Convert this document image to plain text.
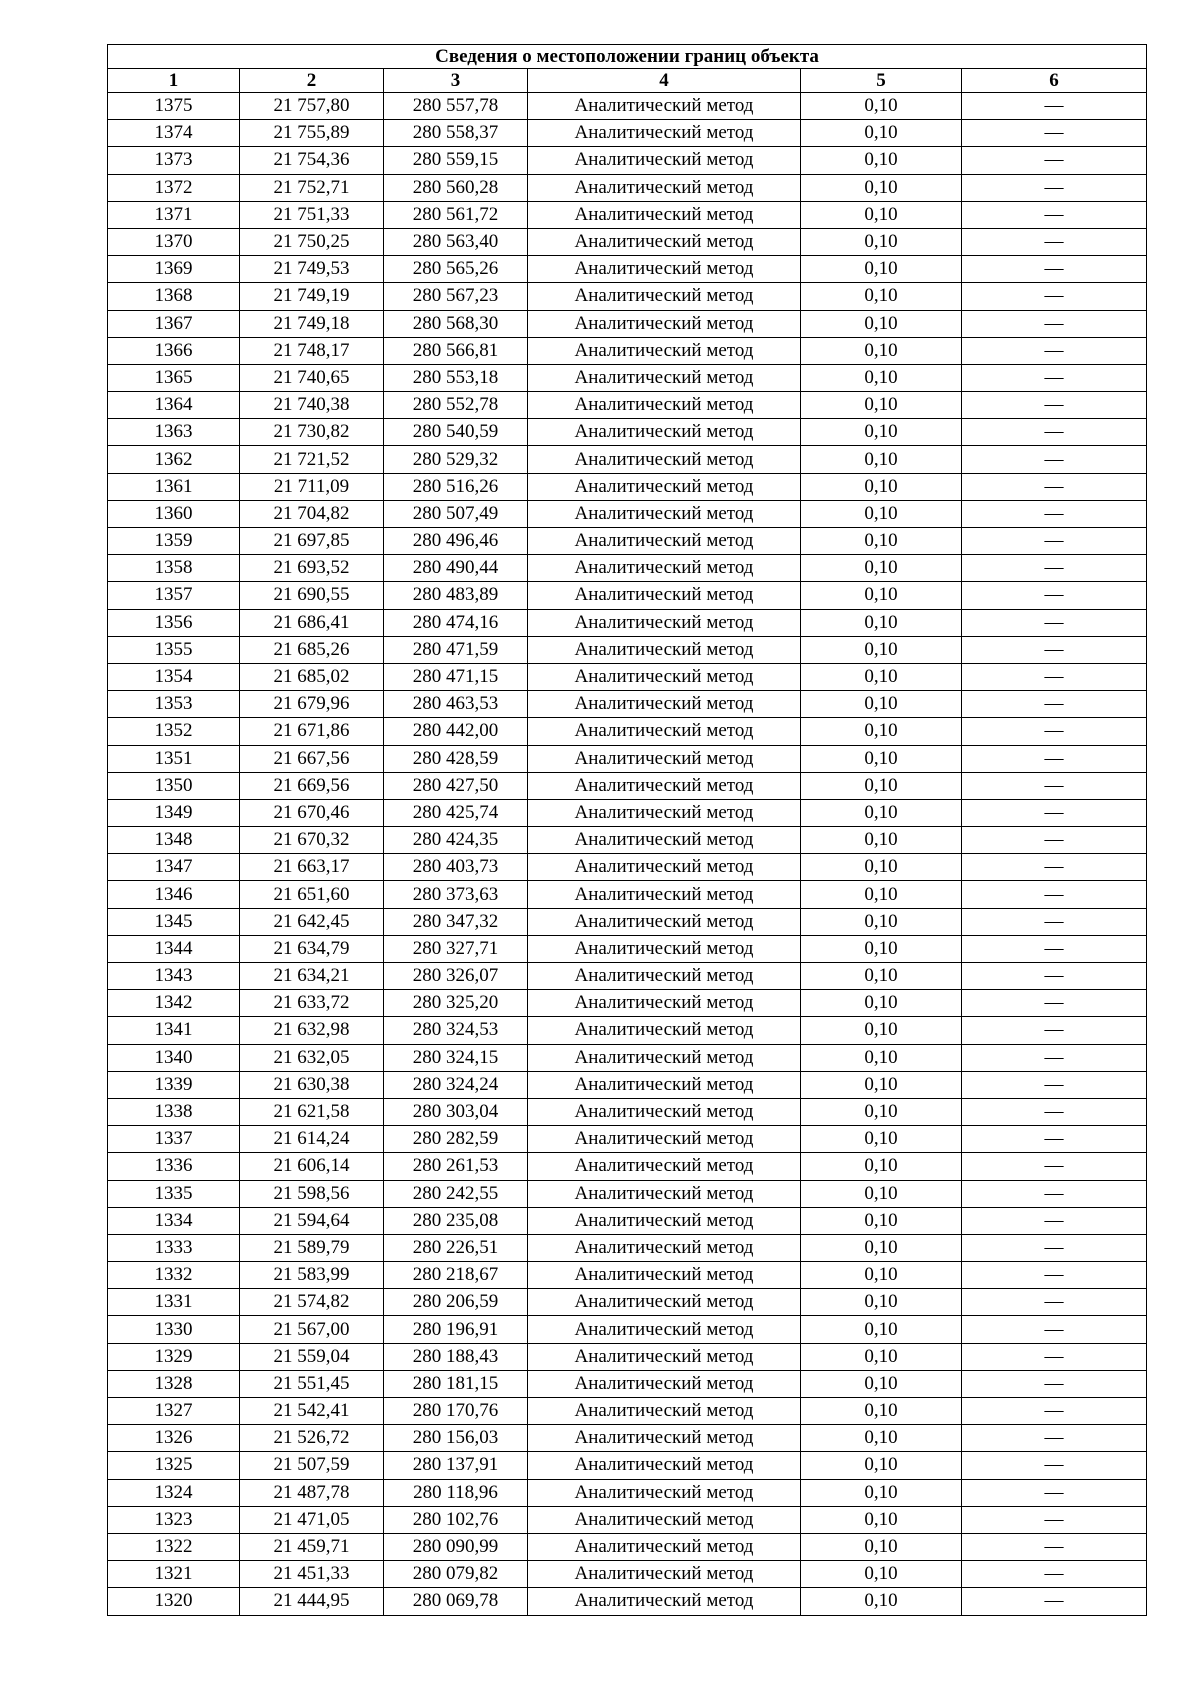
Сведения о местоположении границ объекта					
1	2	3	4	5	6
1375	21 757,80	280 557,78	Аналитический метод	0,10	—
1374	21 755,89	280 558,37	Аналитический метод	0,10	—
1373	21 754,36	280 559,15	Аналитический метод	0,10	—
1372	21 752,71	280 560,28	Аналитический метод	0,10	—
1371	21 751,33	280 561,72	Аналитический метод	0,10	—
1370	21 750,25	280 563,40	Аналитический метод	0,10	—
1369	21 749,53	280 565,26	Аналитический метод	0,10	—
1368	21 749,19	280 567,23	Аналитический метод	0,10	—
1367	21 749,18	280 568,30	Аналитический метод	0,10	—
1366	21 748,17	280 566,81	Аналитический метод	0,10	—
1365	21 740,65	280 553,18	Аналитический метод	0,10	—
1364	21 740,38	280 552,78	Аналитический метод	0,10	—
1363	21 730,82	280 540,59	Аналитический метод	0,10	—
1362	21 721,52	280 529,32	Аналитический метод	0,10	—
1361	21 711,09	280 516,26	Аналитический метод	0,10	—
1360	21 704,82	280 507,49	Аналитический метод	0,10	—
1359	21 697,85	280 496,46	Аналитический метод	0,10	—
1358	21 693,52	280 490,44	Аналитический метод	0,10	—
1357	21 690,55	280 483,89	Аналитический метод	0,10	—
1356	21 686,41	280 474,16	Аналитический метод	0,10	—
1355	21 685,26	280 471,59	Аналитический метод	0,10	—
1354	21 685,02	280 471,15	Аналитический метод	0,10	—
1353	21 679,96	280 463,53	Аналитический метод	0,10	—
1352	21 671,86	280 442,00	Аналитический метод	0,10	—
1351	21 667,56	280 428,59	Аналитический метод	0,10	—
1350	21 669,56	280 427,50	Аналитический метод	0,10	—
1349	21 670,46	280 425,74	Аналитический метод	0,10	—
1348	21 670,32	280 424,35	Аналитический метод	0,10	—
1347	21 663,17	280 403,73	Аналитический метод	0,10	—
1346	21 651,60	280 373,63	Аналитический метод	0,10	—
1345	21 642,45	280 347,32	Аналитический метод	0,10	—
1344	21 634,79	280 327,71	Аналитический метод	0,10	—
1343	21 634,21	280 326,07	Аналитический метод	0,10	—
1342	21 633,72	280 325,20	Аналитический метод	0,10	—
1341	21 632,98	280 324,53	Аналитический метод	0,10	—
1340	21 632,05	280 324,15	Аналитический метод	0,10	—
1339	21 630,38	280 324,24	Аналитический метод	0,10	—
1338	21 621,58	280 303,04	Аналитический метод	0,10	—
1337	21 614,24	280 282,59	Аналитический метод	0,10	—
1336	21 606,14	280 261,53	Аналитический метод	0,10	—
1335	21 598,56	280 242,55	Аналитический метод	0,10	—
1334	21 594,64	280 235,08	Аналитический метод	0,10	—
1333	21 589,79	280 226,51	Аналитический метод	0,10	—
1332	21 583,99	280 218,67	Аналитический метод	0,10	—
1331	21 574,82	280 206,59	Аналитический метод	0,10	—
1330	21 567,00	280 196,91	Аналитический метод	0,10	—
1329	21 559,04	280 188,43	Аналитический метод	0,10	—
1328	21 551,45	280 181,15	Аналитический метод	0,10	—
1327	21 542,41	280 170,76	Аналитический метод	0,10	—
1326	21 526,72	280 156,03	Аналитический метод	0,10	—
1325	21 507,59	280 137,91	Аналитический метод	0,10	—
1324	21 487,78	280 118,96	Аналитический метод	0,10	—
1323	21 471,05	280 102,76	Аналитический метод	0,10	—
1322	21 459,71	280 090,99	Аналитический метод	0,10	—
1321	21 451,33	280 079,82	Аналитический метод	0,10	—
1320	21 444,95	280 069,78	Аналитический метод	0,10	—
